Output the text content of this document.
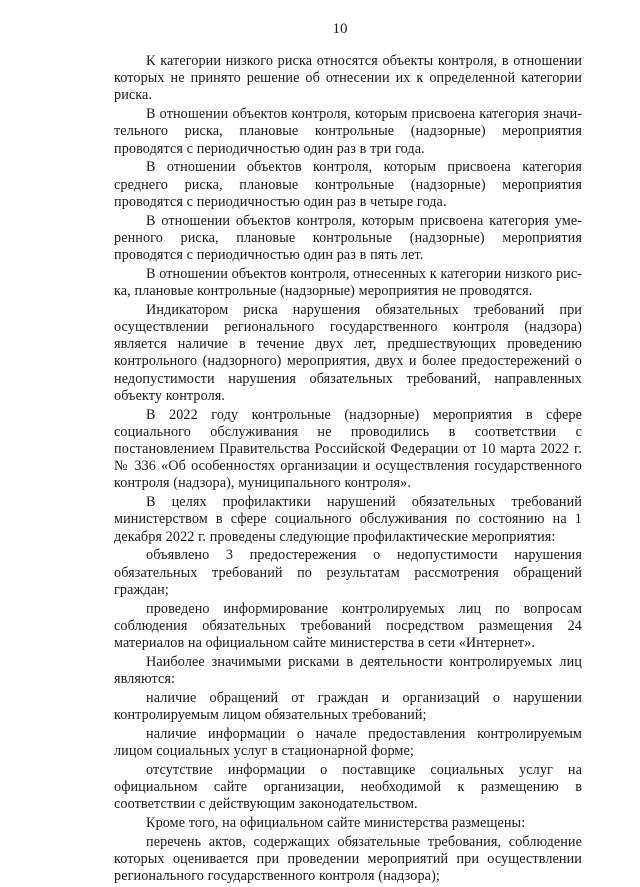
10

К категории низкого риска относятся объекты контроля, в отношении которых не принято решение об отнесении их к определенной категории риска.

В отношении объектов контроля, которым присвоена категория значительного риска, плановые контрольные (надзорные) мероприятия проводятся с периодичностью один раз в три года.

В отношении объектов контроля, которым присвоена категория среднего риска, плановые контрольные (надзорные) мероприятия проводятся с периодичностью один раз в четыре года.

В отношении объектов контроля, которым присвоена категория умеренного риска, плановые контрольные (надзорные) мероприятия проводятся с периодичностью один раз в пять лет.

В отношении объектов контроля, отнесенных к категории низкого риска, плановые контрольные (надзорные) мероприятия не проводятся.

Индикатором риска нарушения обязательных требований при осуществлении регионального государственного контроля (надзора) является наличие в течение двух лет, предшествующих проведению контрольного (надзорного) мероприятия, двух и более предостережений о недопустимости нарушения обязательных требований, направленных объекту контроля.

В 2022 году контрольные (надзорные) мероприятия в сфере социального обслуживания не проводились в соответствии с постановлением Правительства Российской Федерации от 10 марта 2022 г. № 336 «Об особенностях организации и осуществления государственного контроля (надзора), муниципального контроля».

В целях профилактики нарушений обязательных требований министерством в сфере социального обслуживания по состоянию на 1 декабря 2022 г. проведены следующие профилактические мероприятия:

объявлено 3 предостережения о недопустимости нарушения обязательных требований по результатам рассмотрения обращений граждан;

проведено информирование контролируемых лиц по вопросам соблюдения обязательных требований посредством размещения 24 материалов на официальном сайте министерства в сети «Интернет».

Наиболее значимыми рисками в деятельности контролируемых лиц являются:

наличие обращений от граждан и организаций о нарушении контролируемым лицом обязательных требований;

наличие информации о начале предоставления контролируемым лицом социальных услуг в стационарной форме;

отсутствие информации о поставщике социальных услуг на официальном сайте организации, необходимой к размещению в соответствии с действующим законодательством.

Кроме того, на официальном сайте министерства размещены:

перечень актов, содержащих обязательные требования, соблюдение которых оценивается при проведении мероприятий при осуществлении регионального государственного контроля (надзора);
